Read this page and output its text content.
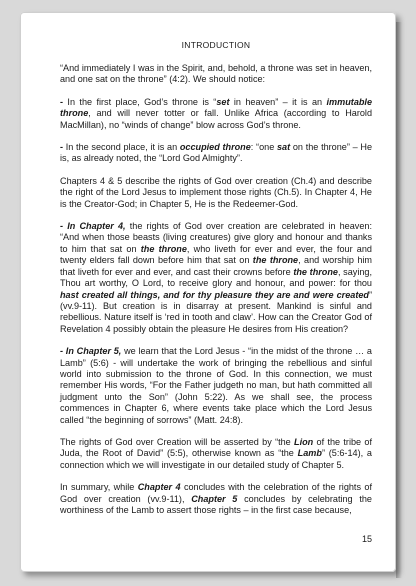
INTRODUCTION

“And immediately I was in the Spirit, and, behold, a throne was set in heaven, and one sat on the throne” (4:2). We should notice:

- In the first place, God’s throne is “set in heaven” – it is an immutable throne, and will never totter or fall. Unlike Africa (according to Harold MacMillan), no “winds of change” blow across God’s throne.

- In the second place, it is an occupied throne: “one sat on the throne” – He is, as already noted, the “Lord God Almighty”.

Chapters 4 & 5 describe the rights of God over creation (Ch.4) and describe the right of the Lord Jesus to implement those rights (Ch.5). In Chapter 4, He is the Creator-God; in Chapter 5, He is the Redeemer-God.

- In Chapter 4, the rights of God over creation are celebrated in heaven: “And when those beasts (living creatures) give glory and honour and thanks to him that sat on the throne, who liveth for ever and ever, the four and twenty elders fall down before him that sat on the throne, and worship him that liveth for ever and ever, and cast their crowns before the throne, saying, Thou art worthy, O Lord, to receive glory and honour, and power: for thou hast created all things, and for thy pleasure they are and were created” (vv.9-11). But creation is in disarray at present. Mankind is sinful and rebellious. Nature itself is ‘red in tooth and claw’. How can the Creator God of Revelation 4 possibly obtain the pleasure He desires from His creation?

- In Chapter 5, we learn that the Lord Jesus - “in the midst of the throne … a Lamb” (5:6) - will undertake the work of bringing the rebellious and sinful world into submission to the throne of God. In this connection, we must remember His words, “For the Father judgeth no man, but hath committed all judgment unto the Son” (John 5:22). As we shall see, the process commences in Chapter 6, where events take place which the Lord Jesus called “the beginning of sorrows” (Matt. 24:8).

The rights of God over Creation will be asserted by “the Lion of the tribe of Juda, the Root of David” (5:5), otherwise known as “the Lamb” (5:6-14), a connection which we will investigate in our detailed study of Chapter 5.

In summary, while Chapter 4 concludes with the celebration of the rights of God over creation (vv.9-11), Chapter 5 concludes by celebrating the worthiness of the Lamb to assert those rights – in the first case because,

15
